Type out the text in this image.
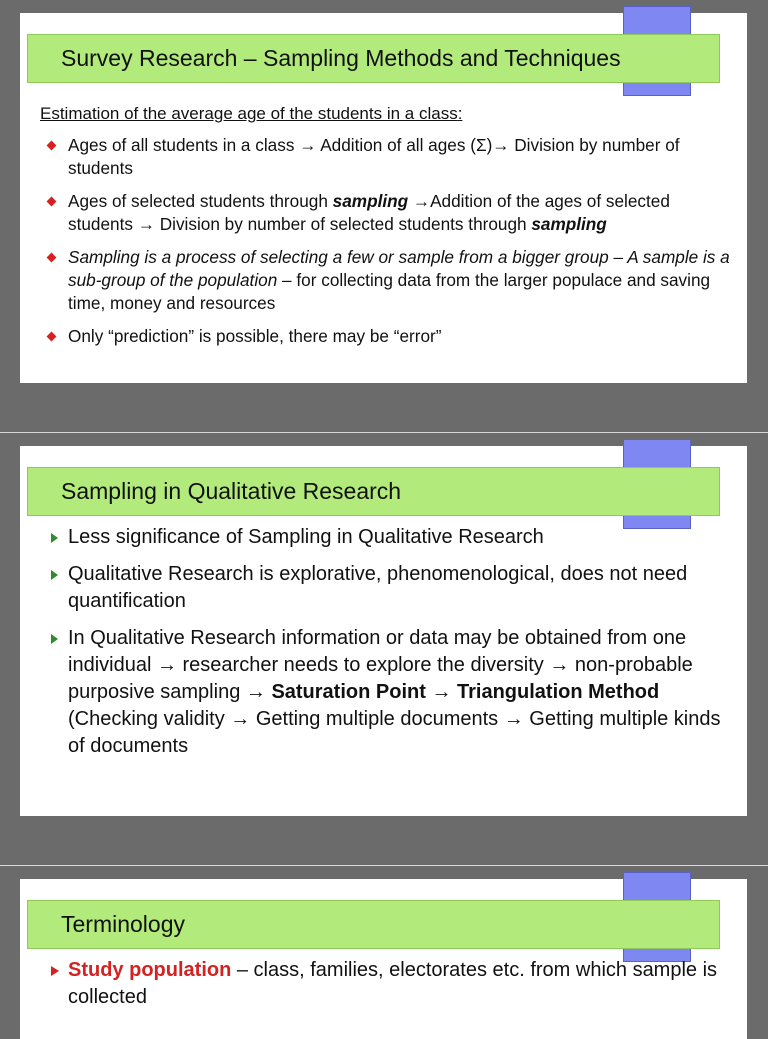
Survey Research – Sampling Methods and Techniques

Estimation of the average age of the students in a class:

Ages of all students in a class → Addition of all ages (Σ)→ Division by number of students
Ages of selected students through sampling →Addition of the ages of selected students → Division by number of selected students through sampling
Sampling is a process of selecting a few or sample from a bigger group – A sample is a sub-group of the population – for collecting data from the larger populace and saving time, money and resources
Only “prediction” is possible, there may be “error”
Sampling in Qualitative Research
Less significance of Sampling in Qualitative Research
Qualitative Research is explorative, phenomenological, does not need quantification
In Qualitative Research information or data may be obtained from one individual → researcher needs to explore the diversity → non-probable purposive sampling → Saturation Point → Triangulation Method (Checking validity → Getting multiple documents → Getting multiple kinds of documents
Terminology
Study population – class, families, electorates etc. from which sample is collected
